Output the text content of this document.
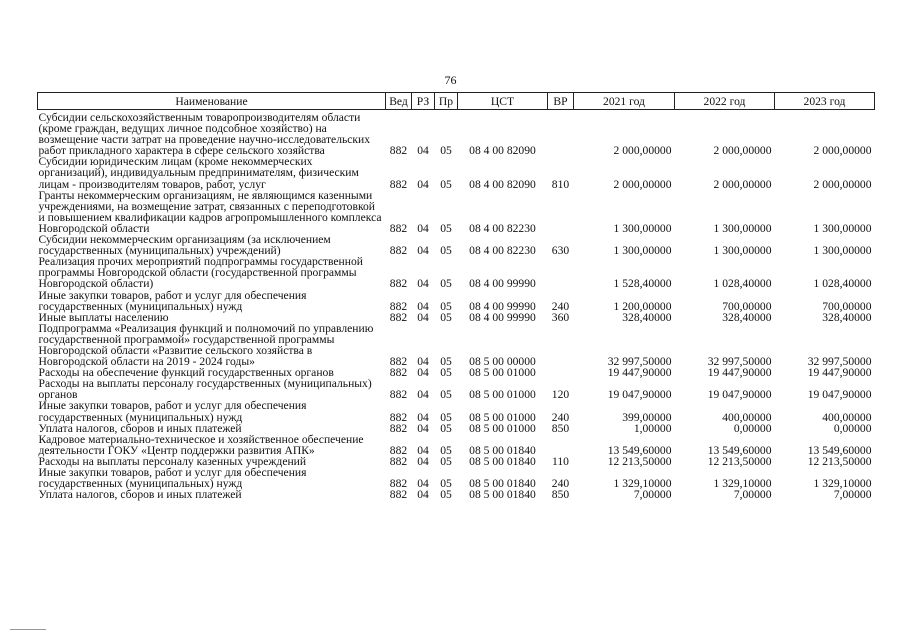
76
Наименование	Вед	РЗ	Пр	ЦСТ	ВР	2021 год	2022 год	2023 год
Субсидии сельскохозяйственным товаропроизводителям области (кроме граждан, ведущих личное подсобное хозяйство) на возмещение части затрат на проведение научно-исследовательских работ прикладного характера в сфере сельского хозяйства	882	04	05	08 4 00 82090		2 000,00000	2 000,00000	2 000,00000
Субсидии юридическим лицам (кроме некоммерческих организаций), индивидуальным предпринимателям, физическим лицам - производителям товаров, работ, услуг	882	04	05	08 4 00 82090	810	2 000,00000	2 000,00000	2 000,00000
Гранты некоммерческим организациям, не являющимся казенными учреждениями, на возмещение затрат, связанных с переподготовкой и повышением квалификации кадров агропромышленного комплекса Новгородской области	882	04	05	08 4 00 82230		1 300,00000	1 300,00000	1 300,00000
Субсидии некоммерческим организациям (за исключением государственных (муниципальных) учреждений)	882	04	05	08 4 00 82230	630	1 300,00000	1 300,00000	1 300,00000
Реализация прочих мероприятий подпрограммы государственной программы Новгородской области (государственной программы Новгородской области)	882	04	05	08 4 00 99990		1 528,40000	1 028,40000	1 028,40000
Иные закупки товаров, работ и услуг для обеспечения государственных (муниципальных) нужд	882	04	05	08 4 00 99990	240	1 200,00000	700,00000	700,00000
Иные выплаты населению	882	04	05	08 4 00 99990	360	328,40000	328,40000	328,40000
Подпрограмма «Реализация функций и полномочий по управлению государственной программой» государственной программы Новгородской области «Развитие сельского хозяйства в Новгородской области на 2019 - 2024 годы»	882	04	05	08 5 00 00000		32 997,50000	32 997,50000	32 997,50000
Расходы на обеспечение функций государственных органов	882	04	05	08 5 00 01000		19 447,90000	19 447,90000	19 447,90000
Расходы на выплаты персоналу государственных (муниципальных) органов	882	04	05	08 5 00 01000	120	19 047,90000	19 047,90000	19 047,90000
Иные закупки товаров, работ и услуг для обеспечения государственных (муниципальных) нужд	882	04	05	08 5 00 01000	240	399,00000	400,00000	400,00000
Уплата налогов, сборов и иных платежей	882	04	05	08 5 00 01000	850	1,00000	0,00000	0,00000
Кадровое материально-техническое и хозяйственное обеспечение деятельности ГОКУ «Центр поддержки развития АПК»	882	04	05	08 5 00 01840		13 549,60000	13 549,60000	13 549,60000
Расходы на выплаты персоналу казенных учреждений	882	04	05	08 5 00 01840	110	12 213,50000	12 213,50000	12 213,50000
Иные закупки товаров, работ и услуг для обеспечения государственных (муниципальных) нужд	882	04	05	08 5 00 01840	240	1 329,10000	1 329,10000	1 329,10000
Уплата налогов, сборов и иных платежей	882	04	05	08 5 00 01840	850	7,00000	7,00000	7,00000
